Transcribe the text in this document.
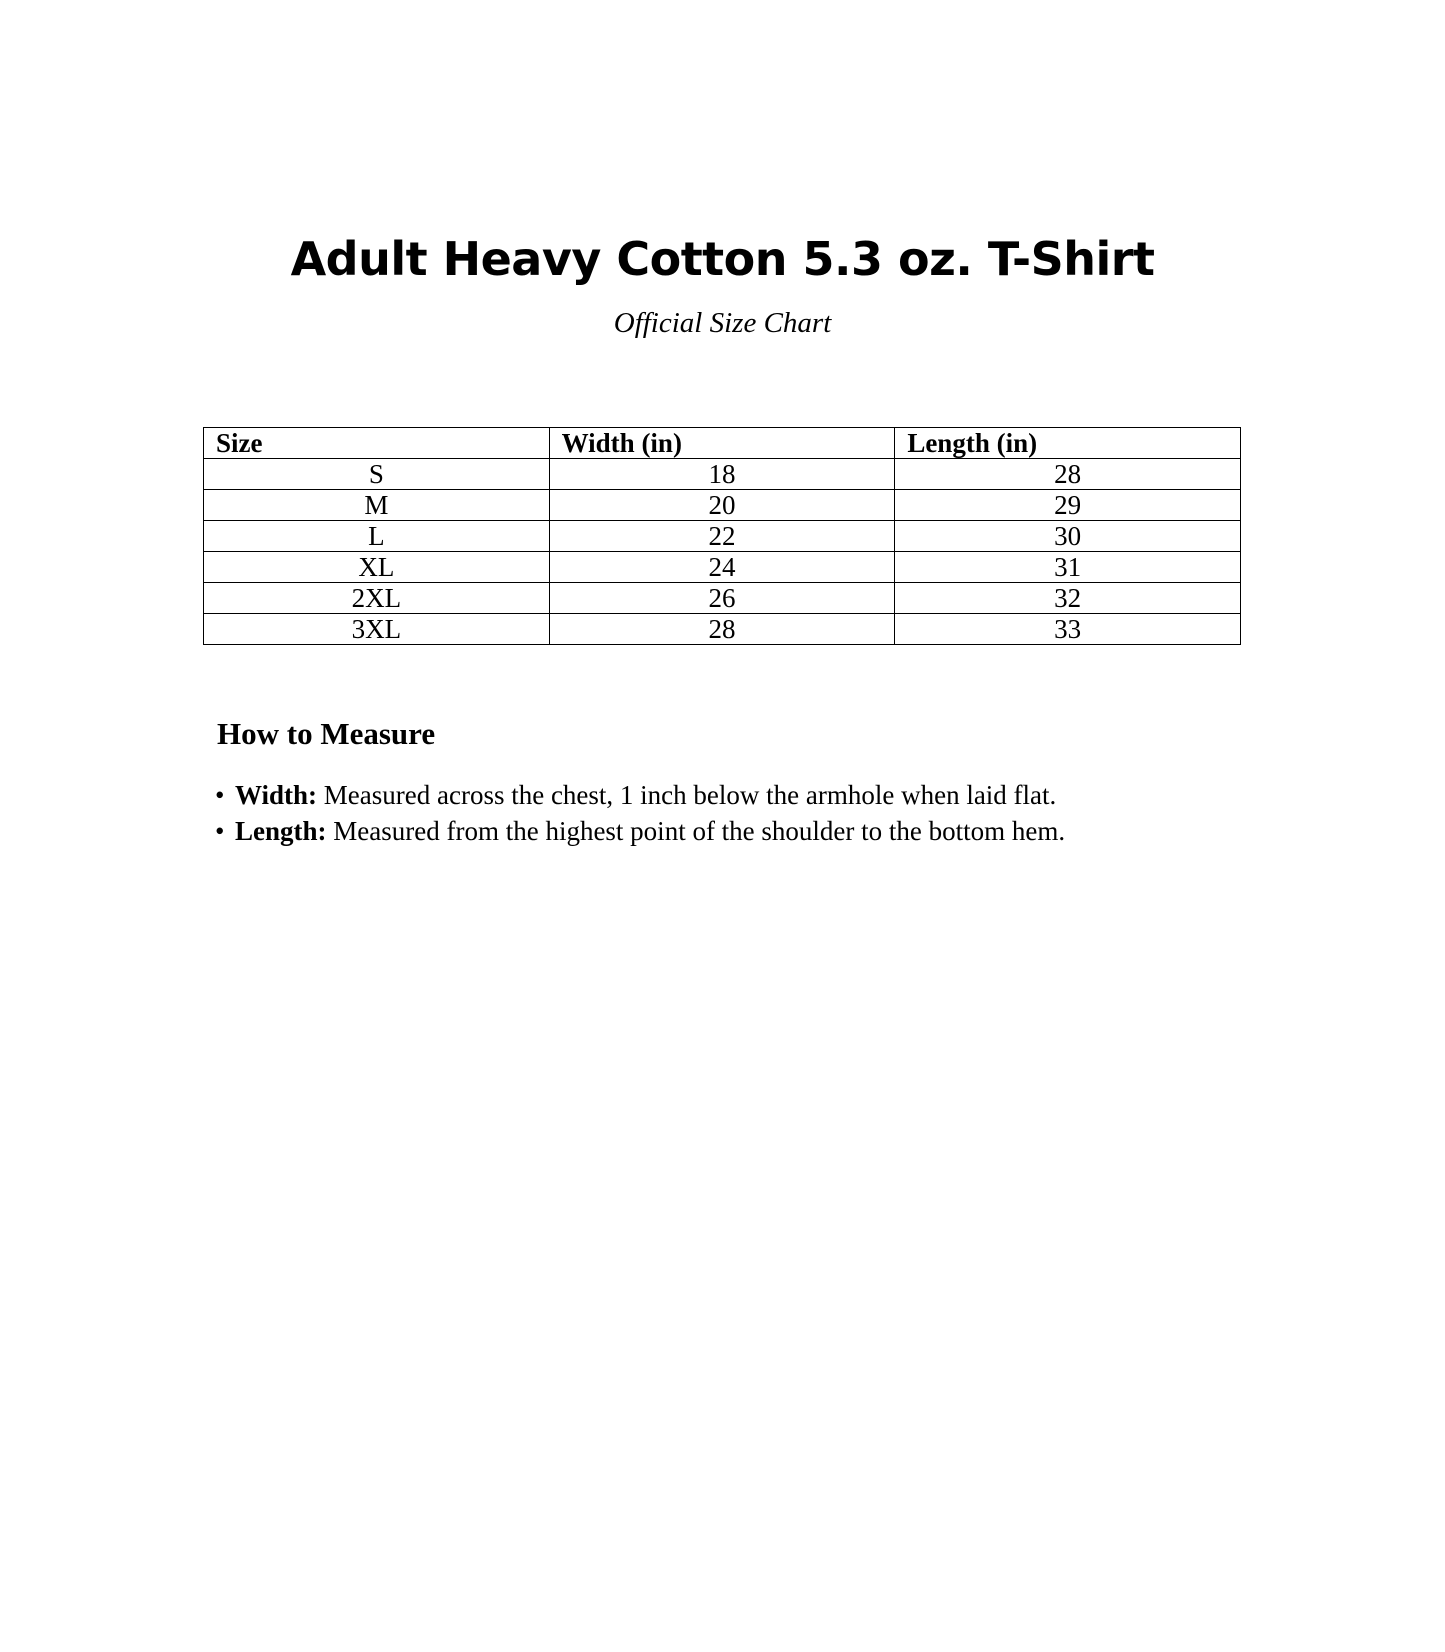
Adult Heavy Cotton 5.3 oz. T-Shirt

Official Size Chart

Size	Width (in)	Length (in)
S	18	28
M	20	29
L	22	30
XL	24	31
2XL	26	32
3XL	28	33
How to Measure
• Width: Measured across the chest, 1 inch below the armhole when laid flat.
• Length: Measured from the highest point of the shoulder to the bottom hem.
